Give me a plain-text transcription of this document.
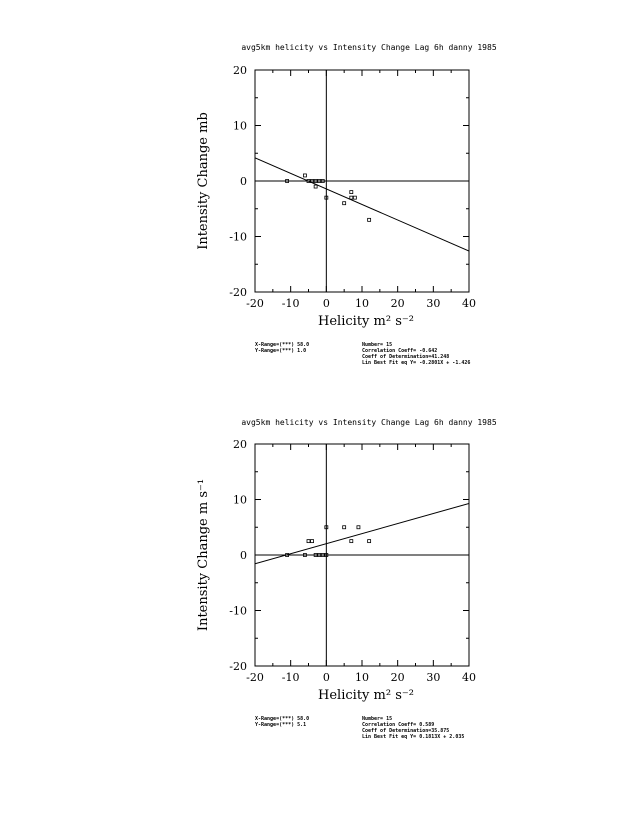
avg5km helicity vs Intensity Change Lag 6h danny 1985
-20 -10 0 10 20 30 40
-20
-10
0
10
20
Helicity m² s⁻²
Intensity Change mb
X-Range=(***) 58.0
Y-Range=(***) 1.0
Number= 15
Correlation Coeff= -0.642
Coeff of Determination=41.248
Lin Best Fit eq Y= -0.2801X + -1.426
avg5km helicity vs Intensity Change Lag 6h danny 1985
-20 -10 0 10 20 30 40
-20
-10
0
10
20
Helicity m² s⁻²
Intensity Change m s⁻¹
X-Range=(***) 58.0
Y-Range=(***) 5.1
Number= 15
Correlation Coeff= 0.589
Coeff of Determination=35.875
Lin Best Fit eq Y= 0.1813X + 2.035
